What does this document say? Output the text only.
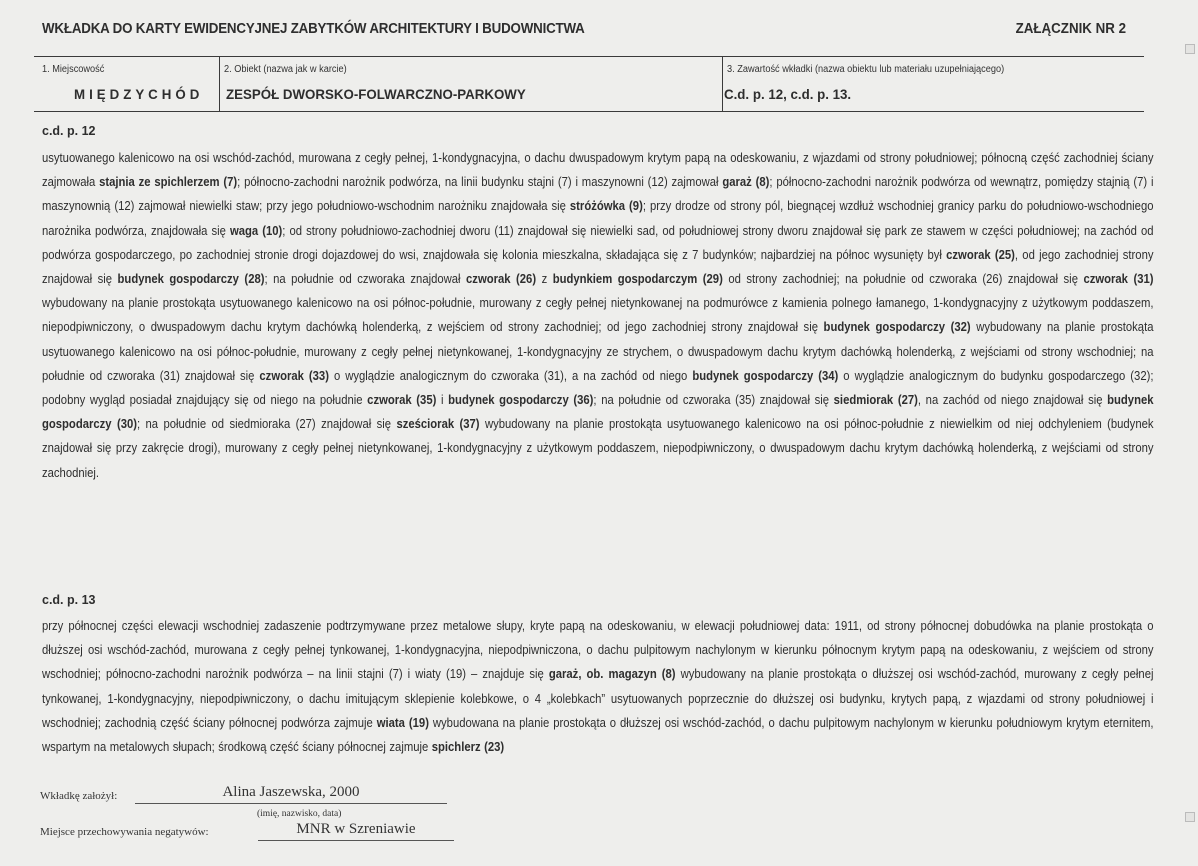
WKŁADKA DO KARTY EWIDENCYJNEJ ZABYTKÓW ARCHITEKTURY I BUDOWNICTWA	ZAŁĄCZNIK NR 2
1. Miejscowość
MIĘDZYCHÓD
2. Obiekt (nazwa jak w karcie)
ZESPÓŁ DWORSKO-FOLWARCZNO-PARKOWY
3. Zawartość wkładki (nazwa obiektu lub materiału uzupełniającego)
C.d. p. 12, c.d. p. 13.
c.d. p. 12
usytuowanego kalenicowo na osi wschód-zachód, murowana z cegły pełnej, 1-kondygnacyjna, o dachu dwuspadowym krytym papą na odeskowaniu, z wjazdami od strony południowej; północną część zachodniej ściany zajmowała stajnia ze spichlerzem (7); północno-zachodni narożnik podwórza, na linii budynku stajni (7) i maszynowni (12) zajmował garaż (8); północno-zachodni narożnik podwórza od wewnątrz, pomiędzy stajnią (7) i maszynownią (12) zajmował niewielki staw; przy jego południowo-wschodnim narożniku znajdowała się stróżówka (9); przy drodze od strony pól, biegnącej wzdłuż wschodniej granicy parku do południowo-wschodniego narożnika podwórza, znajdowała się waga (10); od strony południowo-zachodniej dworu (11) znajdował się niewielki sad, od południowej strony dworu znajdował się park ze stawem w części południowej; na zachód od podwórza gospodarczego, po zachodniej stronie drogi dojazdowej do wsi, znajdowała się kolonia mieszkalna, składająca się z 7 budynków; najbardziej na północ wysunięty był czworak (25), od jego zachodniej strony znajdował się budynek gospodarczy (28); na południe od czworaka znajdował czworak (26) z budynkiem gospodarczym (29) od strony zachodniej; na południe od czworaka (26) znajdował się czworak (31) wybudowany na planie prostokąta usytuowanego kalenicowo na osi północ-południe, murowany z cegły pełnej nietynkowanej na podmurówce z kamienia polnego łamanego, 1-kondygnacyjny z użytkowym poddaszem, niepodpiwniczony, o dwuspadowym dachu krytym dachówką holenderką, z wejściem od strony zachodniej; od jego zachodniej strony znajdował się budynek gospodarczy (32) wybudowany na planie prostokąta usytuowanego kalenicowo na osi północ-południe, murowany z cegły pełnej nietynkowanej, 1-kondygnacyjny ze strychem, o dwuspadowym dachu krytym dachówką holenderką, z wejściami od strony wschodniej; na południe od czworaka (31) znajdował się czworak (33) o wyglądzie analogicznym do czworaka (31), a na zachód od niego budynek gospodarczy (34) o wyglądzie analogicznym do budynku gospodarczego (32); podobny wygląd posiadał znajdujący się od niego na południe czworak (35) i budynek gospodarczy (36); na południe od czworaka (35) znajdował się siedmiorak (27), na zachód od niego znajdował się budynek gospodarczy (30); na południe od siedmioraka (27) znajdował się sześciorak (37) wybudowany na planie prostokąta usytuowanego kalenicowo na osi północ-południe z niewielkim od niej odchyleniem (budynek znajdował się przy zakręcie drogi), murowany z cegły pełnej nietynkowanej, 1-kondygnacyjny z użytkowym poddaszem, niepodpiwniczony, o dwuspadowym dachu krytym dachówką holenderką, z wejściami od strony zachodniej.
c.d. p. 13
przy północnej części elewacji wschodniej zadaszenie podtrzymywane przez metalowe słupy, kryte papą na odeskowaniu, w elewacji południowej data: 1911, od strony północnej dobudówka na planie prostokąta o dłuższej osi wschód-zachód, murowana z cegły pełnej tynkowanej, 1-kondygnacyjna, niepodpiwniczona, o dachu pulpitowym nachylonym w kierunku północnym krytym papą na odeskowaniu, z wejściem od strony wschodniej; północno-zachodni narożnik podwórza – na linii stajni (7) i wiaty (19) – znajduje się garaż, ob. magazyn (8) wybudowany na planie prostokąta o dłuższej osi wschód-zachód, murowany z cegły pełnej tynkowanej, 1-kondygnacyjny, niepodpiwniczony, o dachu imitującym sklepienie kolebkowe, o 4 „kolebkach” usytuowanych poprzecznie do dłuższej osi budynku, krytych papą, z wjazdami od strony południowej i wschodniej; zachodnią część ściany północnej podwórza zajmuje wiata (19) wybudowana na planie prostokąta o dłuższej osi wschód-zachód, o dachu pulpitowym nachylonym w kierunku południowym krytym eternitem, wspartym na metalowych słupach; środkową część ściany północnej zajmuje spichlerz (23)
Wkładkę założył:	Alina Jaszewska, 2000
(imię, nazwisko, data)
Miejsce przechowywania negatywów:	MNR w Szreniawie
